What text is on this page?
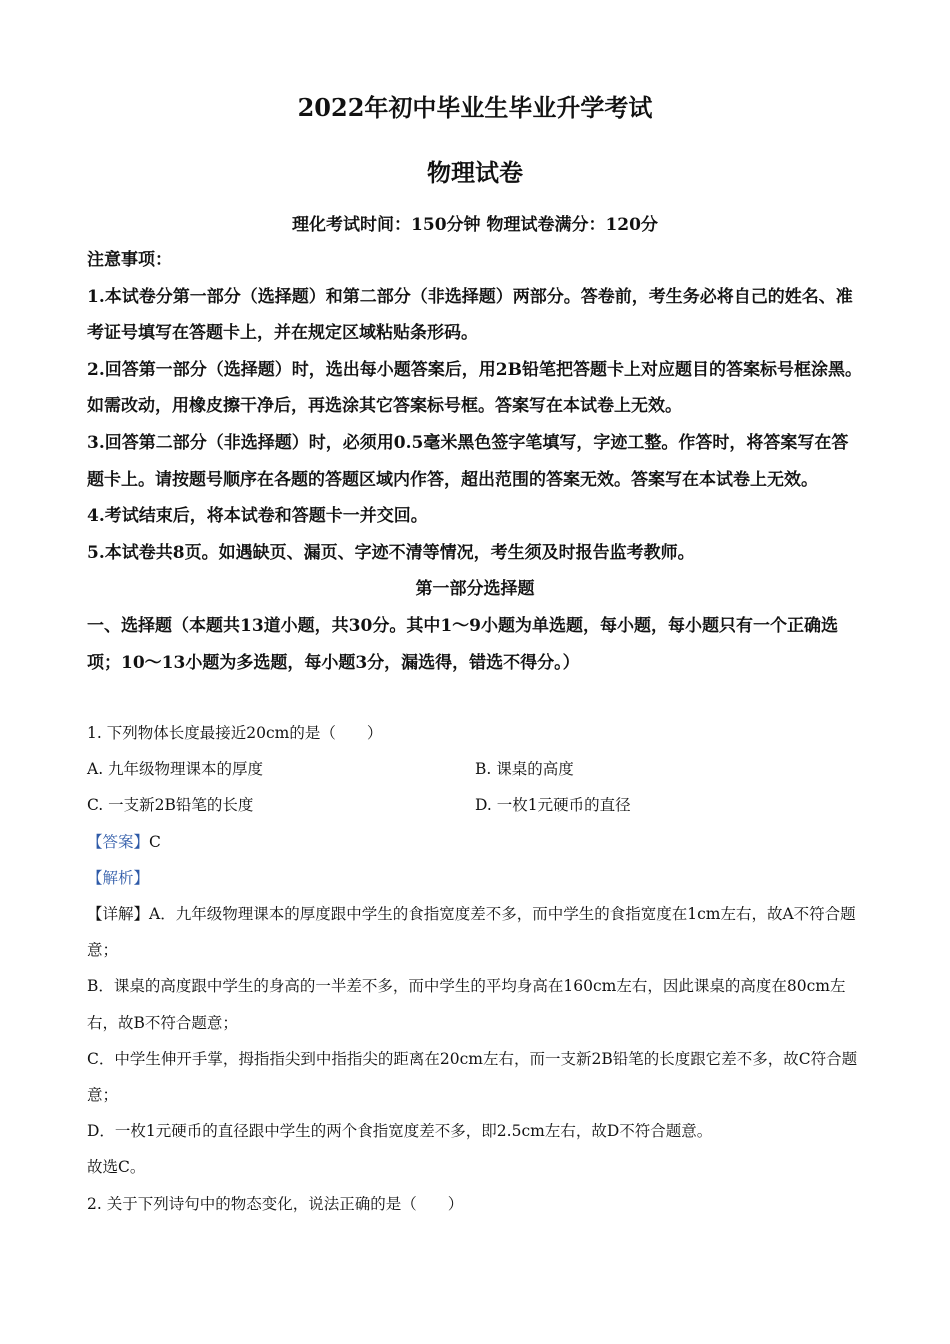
2022年初中毕业生毕业升学考试
物理试卷
理化考试时间：150分钟 物理试卷满分：120分

注意事项：

1.本试卷分第一部分（选择题）和第二部分（非选择题）两部分。答卷前，考生务必将自己的姓名、准考证号填写在答题卡上，并在规定区域粘贴条形码。

2.回答第一部分（选择题）时，选出每小题答案后，用2B铅笔把答题卡上对应题目的答案标号框涂黑。如需改动，用橡皮擦干净后，再选涂其它答案标号框。答案写在本试卷上无效。

3.回答第二部分（非选择题）时，必须用0.5毫米黑色签字笔填写，字迹工整。作答时，将答案写在答题卡上。请按题号顺序在各题的答题区域内作答，超出范围的答案无效。答案写在本试卷上无效。

4.考试结束后，将本试卷和答题卡一并交回。

5.本试卷共8页。如遇缺页、漏页、字迹不清等情况，考生须及时报告监考教师。

第一部分选择题

一、选择题（本题共13道小题，共30分。其中1～9小题为单选题，每小题，每小题只有一个正确选项；10～13小题为多选题，每小题3分，漏选得，错选不得分。）

1. 下列物体长度最接近20cm的是（　　）

A. 九年级物理课本的厚度	B. 课桌的高度
C. 一支新2B铅笔的长度	D. 一枚1元硬币的直径

【答案】C

【解析】

【详解】A．九年级物理课本的厚度跟中学生的食指宽度差不多，而中学生的食指宽度在1cm左右，故A不符合题意；

B．课桌的高度跟中学生的身高的一半差不多，而中学生的平均身高在160cm左右，因此课桌的高度在80cm左右，故B不符合题意；

C．中学生伸开手掌，拇指指尖到中指指尖的距离在20cm左右，而一支新2B铅笔的长度跟它差不多，故C符合题意；

D．一枚1元硬币的直径跟中学生的两个食指宽度差不多，即2.5cm左右，故D不符合题意。

故选C。

2. 关于下列诗句中的物态变化，说法正确的是（　　）
